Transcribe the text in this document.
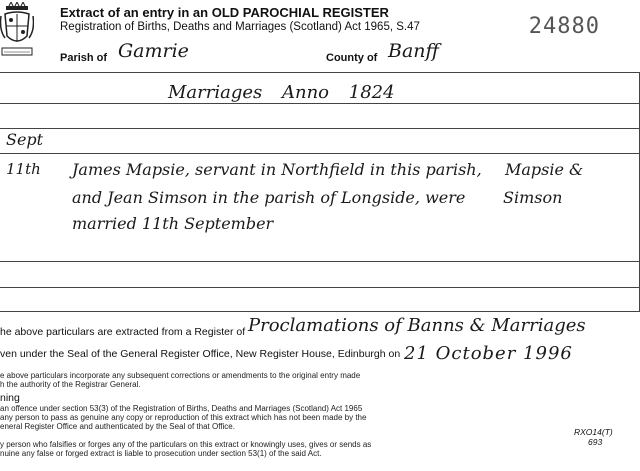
Extract of an entry in an OLD PAROCHIAL REGISTER
Registration of Births, Deaths and Marriages (Scotland) Act 1965, S.47	24880
Parish of Gamrie	County of Banff
Marriages Anno 1824
Sept
11th James Mapsie, servant in Northfield in this parish,
and Jean Simson in the parish of Longside, were
married 11th September
Mapsie &
Simson
he above particulars are extracted from a Register of Proclamations of Banns & Marriages
ven under the Seal of the General Register Office, New Register House, Edinburgh on 21 October 1996
e above particulars incorporate any subsequent corrections or amendments to the original entry made
h the authority of the Registrar General.
ning
an offence under section 53(3) of the Registration of Births, Deaths and Marriages (Scotland) Act 1965
any person to pass as genuine any copy or reproduction of this extract which has not been made by the
eneral Register Office and authenticated by the Seal of that Office.
y person who falsifies or forges any of the particulars on this extract or knowingly uses, gives or sends as
nuine any false or forged extract is liable to prosecution under section 53(1) of the said Act.
RXO14(T)
693
